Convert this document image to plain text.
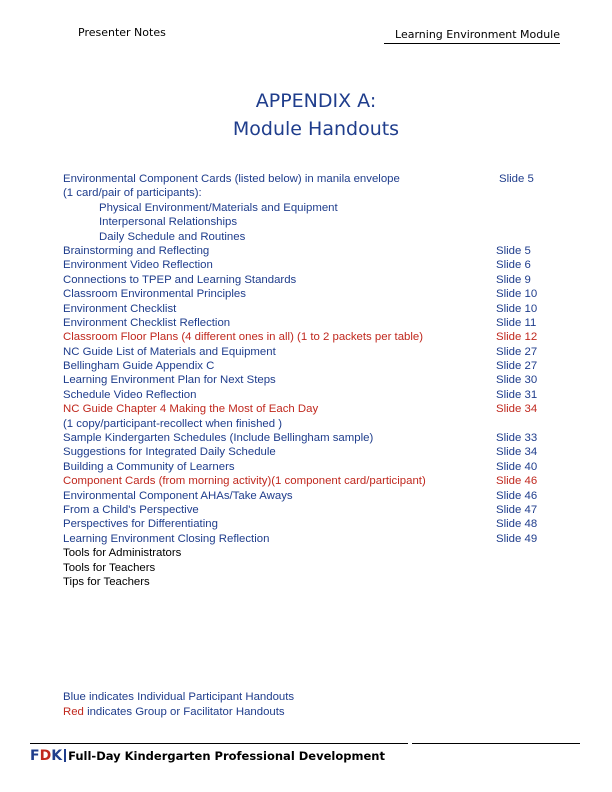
Presenter Notes	Learning Environment Module
APPENDIX A:
Module Handouts
Environmental Component Cards (listed below) in manila envelope	Slide 5
(1 card/pair of participants):
Physical Environment/Materials and Equipment
Interpersonal Relationships
Daily Schedule and Routines
Brainstorming and Reflecting	Slide 5
Environment Video Reflection	Slide 6
Connections to TPEP and Learning Standards	Slide 9
Classroom Environmental Principles	Slide 10
Environment Checklist	Slide 10
Environment Checklist Reflection	Slide 11
Classroom Floor Plans (4 different ones in all) (1 to 2 packets per table)	Slide 12
NC Guide List of Materials and Equipment	Slide 27
Bellingham Guide Appendix C	Slide 27
Learning Environment Plan for Next Steps	Slide 30
Schedule Video Reflection	Slide 31
NC Guide Chapter 4 Making the Most of Each Day	Slide 34
(1 copy/participant-recollect when finished )
Sample Kindergarten Schedules (Include Bellingham sample)	Slide 33
Suggestions for Integrated Daily Schedule	Slide 34
Building a Community of Learners	Slide 40
Component Cards (from morning activity)(1 component card/participant)	Slide 46
Environmental Component AHAs/Take Aways	Slide 46
From a Child's Perspective	Slide 47
Perspectives for Differentiating	Slide 48
Learning Environment Closing Reflection	Slide 49
Tools for Administrators
Tools for Teachers
Tips for Teachers
Blue indicates Individual Participant Handouts
Red indicates Group or Facilitator Handouts
FDK Full-Day Kindergarten Professional Development
